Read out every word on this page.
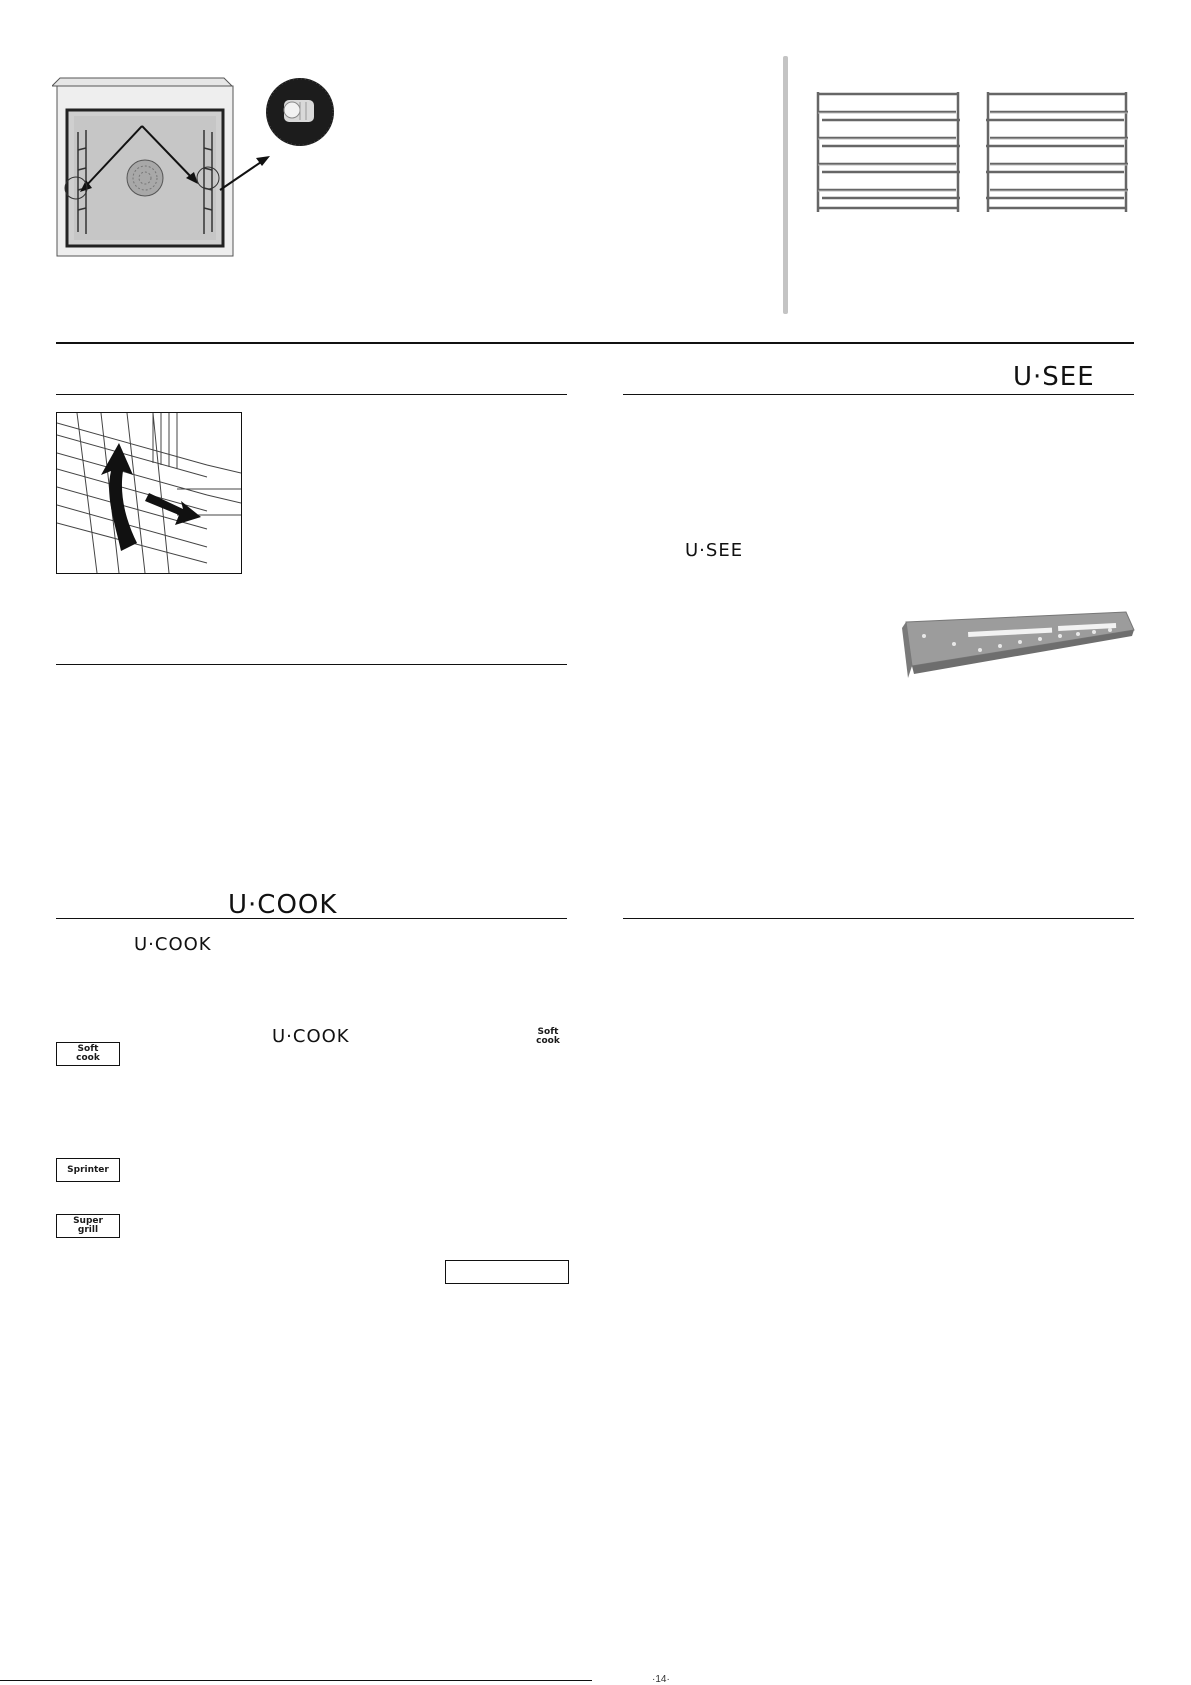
U·SEE
U·SEE
U·COOK
U·COOK
U·COOK	Soft cook
Soft cook
Sprinter
Super grill
·14·
